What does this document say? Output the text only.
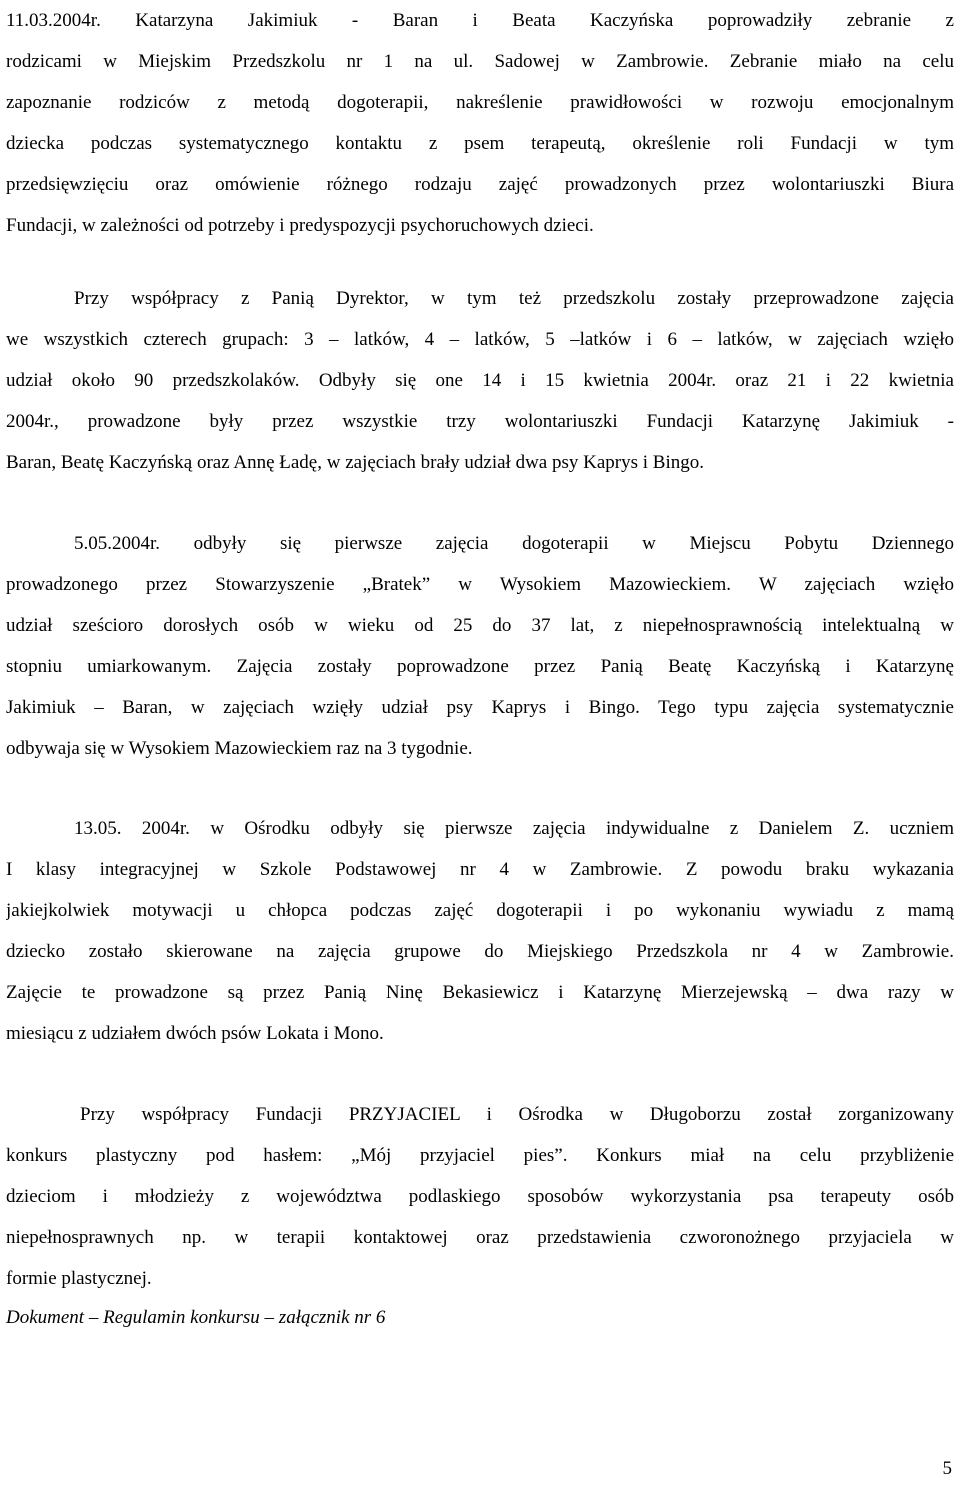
11.03.2004r. Katarzyna Jakimiuk - Baran i Beata Kaczyńska poprowadziły zebranie z
rodzicami w Miejskim Przedszkolu nr 1 na ul. Sadowej w Zambrowie. Zebranie miało na celu
zapoznanie rodziców z metodą dogoterapii, nakreślenie prawidłowości w rozwoju emocjonalnym
dziecka podczas systematycznego kontaktu z psem terapeutą, określenie roli Fundacji w tym
przedsięwzięciu oraz omówienie różnego rodzaju zajęć prowadzonych przez wolontariuszki Biura
Fundacji, w zależności od potrzeby i predyspozycji psychoruchowych dzieci.
Przy współpracy z Panią Dyrektor, w tym też przedszkolu zostały przeprowadzone zajęcia
we wszystkich czterech grupach: 3 – latków, 4 – latków, 5 –latków i 6 – latków, w zajęciach wzięło
udział około 90 przedszkolaków. Odbyły się one 14 i 15 kwietnia 2004r. oraz 21 i 22 kwietnia
2004r., prowadzone były przez wszystkie trzy wolontariuszki Fundacji Katarzynę Jakimiuk -
Baran, Beatę Kaczyńską oraz Annę Ładę, w zajęciach brały udział dwa psy Kaprys i Bingo.
5.05.2004r. odbyły się pierwsze zajęcia dogoterapii w Miejscu Pobytu Dziennego
prowadzonego przez Stowarzyszenie „Bratek” w Wysokiem Mazowieckiem. W zajęciach wzięło
udział sześcioro dorosłych osób w wieku od 25 do 37 lat, z niepełnosprawnością intelektualną w
stopniu umiarkowanym. Zajęcia zostały poprowadzone przez Panią Beatę Kaczyńską i Katarzynę
Jakimiuk – Baran, w zajęciach wzięły udział psy Kaprys i Bingo. Tego typu zajęcia systematycznie
odbywaja się w Wysokiem Mazowieckiem raz na 3 tygodnie.
13.05. 2004r. w Ośrodku odbyły się pierwsze zajęcia indywidualne z Danielem Z. uczniem
I klasy integracyjnej w Szkole Podstawowej nr 4 w Zambrowie. Z powodu braku wykazania
jakiejkolwiek motywacji u chłopca podczas zajęć dogoterapii i po wykonaniu wywiadu z mamą
dziecko zostało skierowane na zajęcia grupowe do Miejskiego Przedszkola nr 4 w Zambrowie.
Zajęcie te prowadzone są przez Panią Ninę Bekasiewicz i Katarzynę Mierzejewską – dwa razy w
miesiącu z udziałem dwóch psów Lokata i Mono.
Przy współpracy Fundacji PRZYJACIEL i Ośrodka w Długoborzu został zorganizowany
konkurs plastyczny pod hasłem: „Mój przyjaciel pies”. Konkurs miał na celu przybliżenie
dzieciom i młodzieży z województwa podlaskiego sposobów wykorzystania psa terapeuty osób
niepełnosprawnych np. w terapii kontaktowej oraz przedstawienia czworonożnego przyjaciela w
formie plastycznej.
Dokument – Regulamin konkursu – załącznik nr 6
5
